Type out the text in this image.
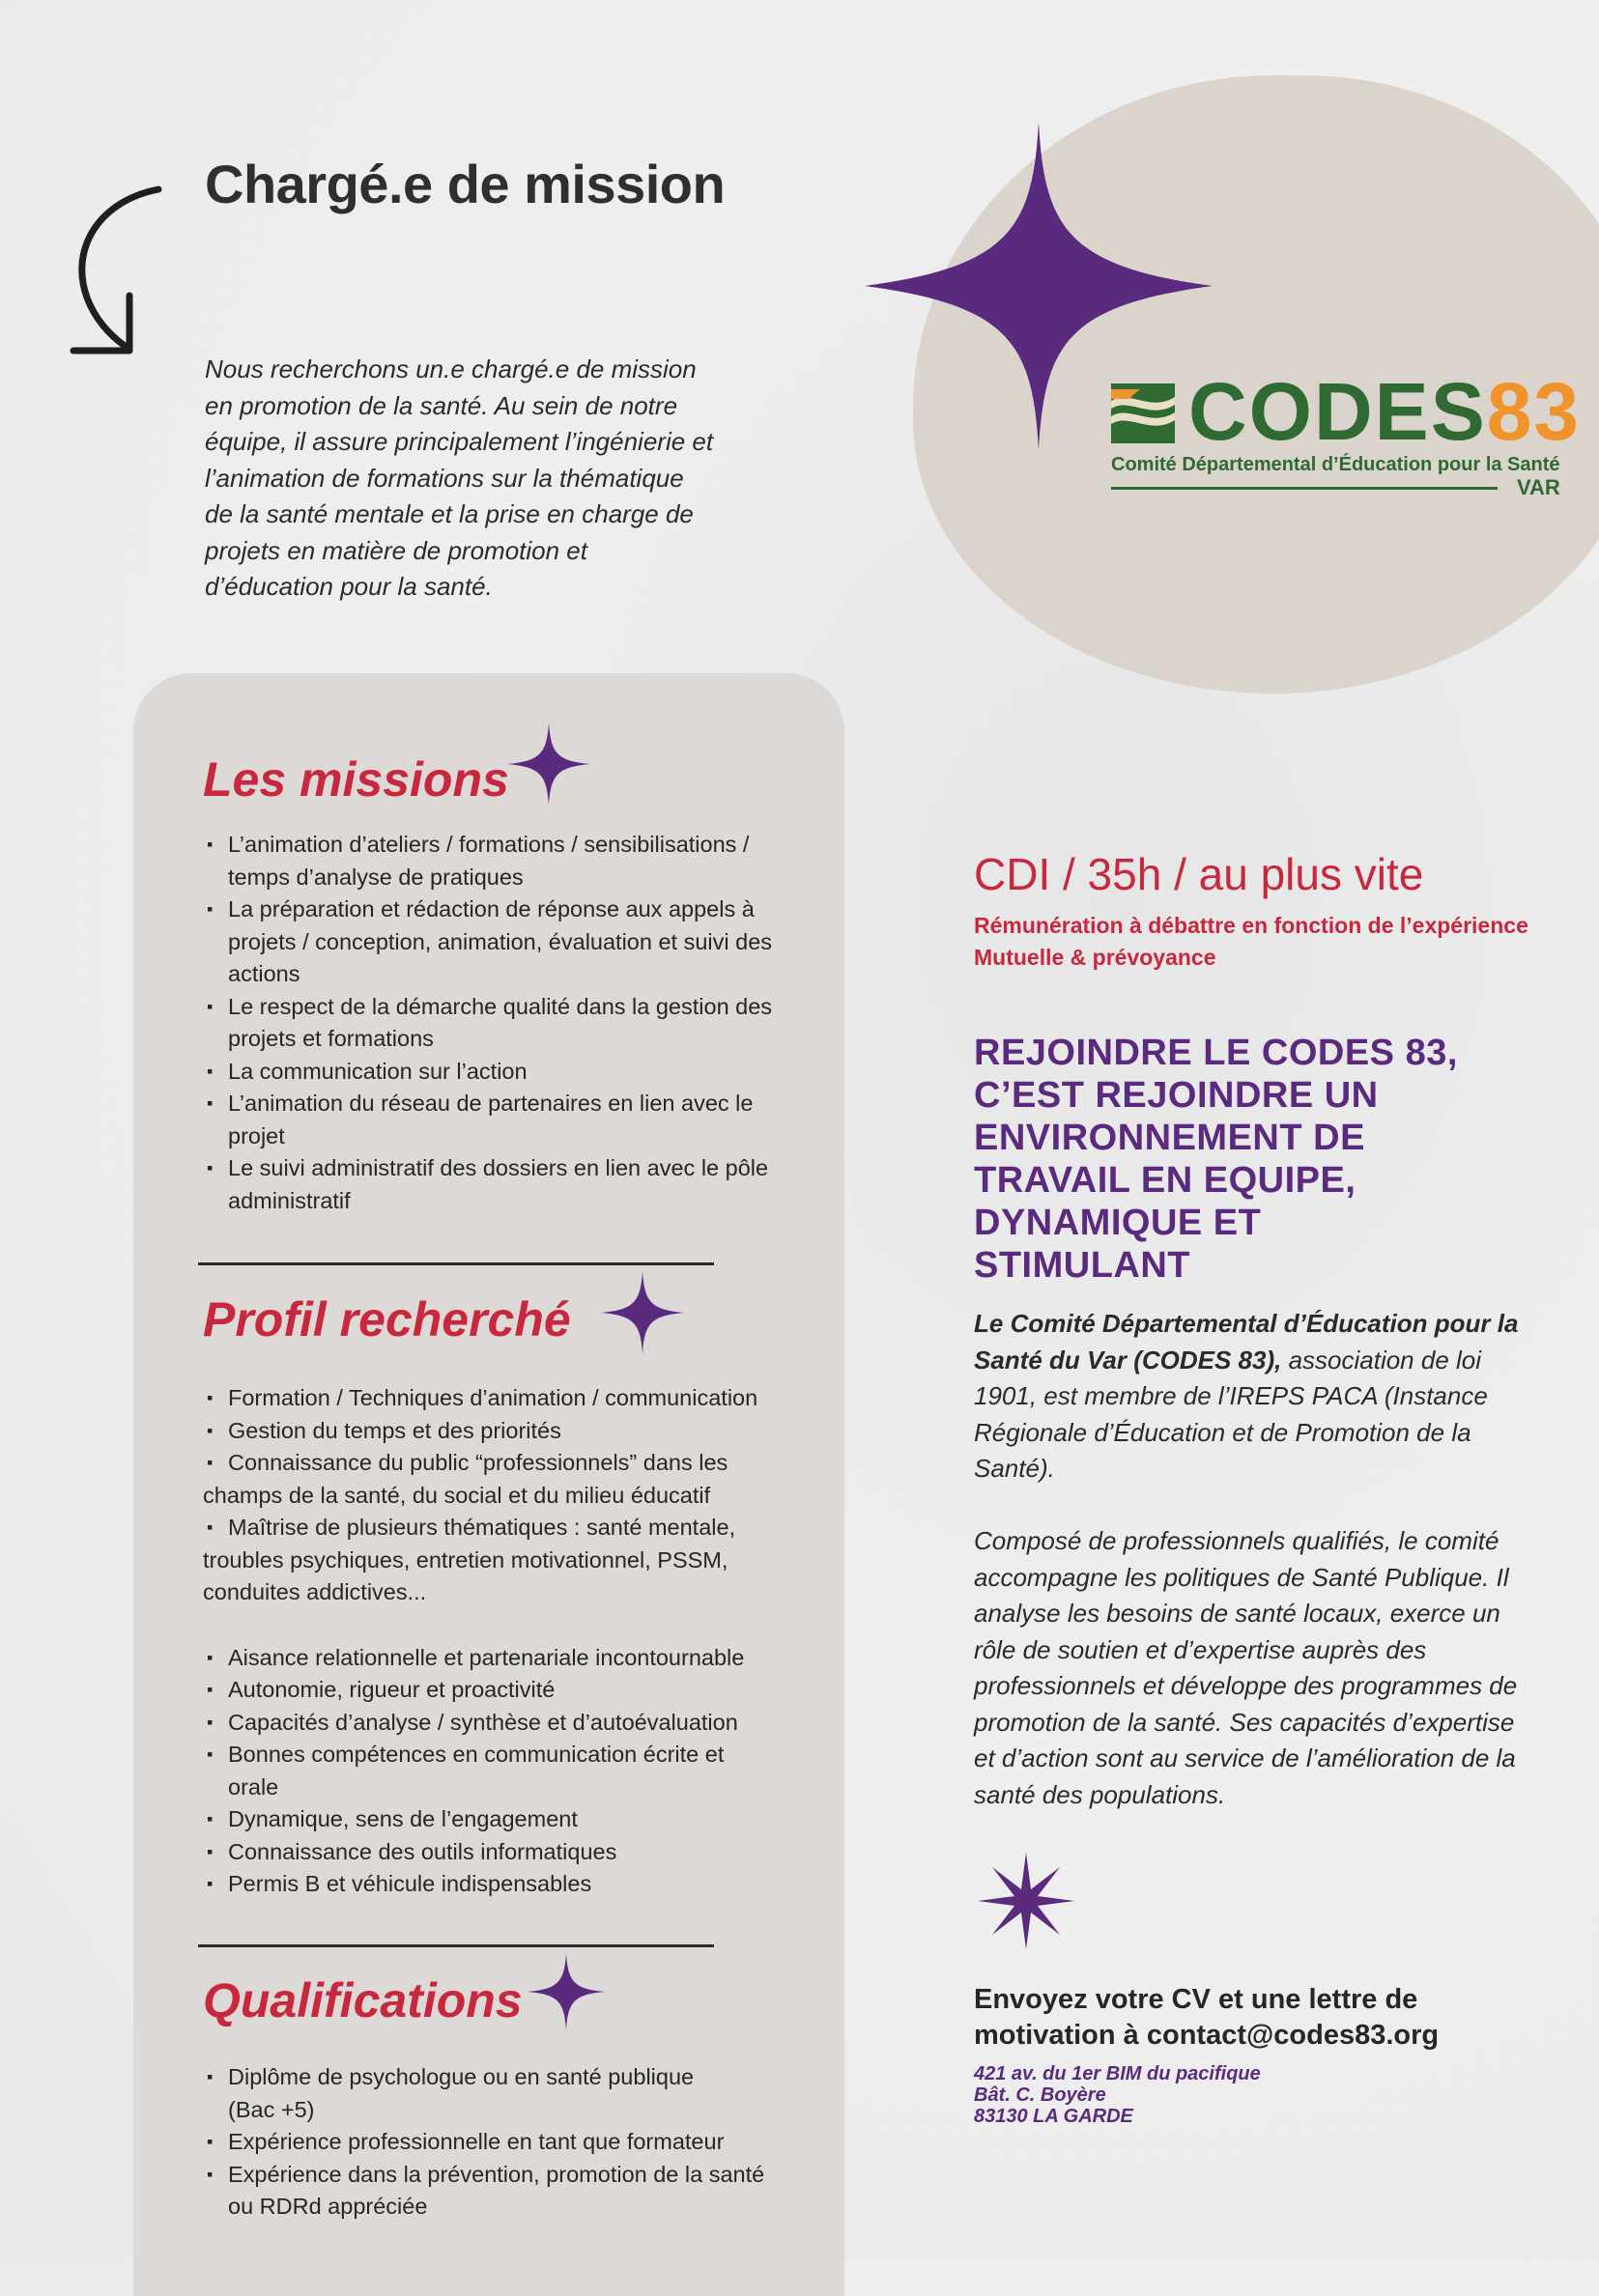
Chargé.e de mission
Nous recherchons un.e chargé.e de mission
en promotion de la santé. Au sein de notre
équipe, il assure principalement l’ingénierie et
l’animation de formations sur la thématique
de la santé mentale et la prise en charge de
projets en matière de promotion et
d’éducation pour la santé.
CODES83
Comité Départemental d’Éducation pour la Santé
VAR
Les missions
▪ L’animation d’ateliers / formations / sensibilisations /
temps d’analyse de pratiques
▪ La préparation et rédaction de réponse aux appels à
projets / conception, animation, évaluation et suivi des
actions
▪ Le respect de la démarche qualité dans la gestion des
projets et formations
▪ La communication sur l’action
▪ L’animation du réseau de partenaires en lien avec le
projet
▪ Le suivi administratif des dossiers en lien avec le pôle
administratif
Profil recherché
▪ Formation / Techniques d’animation / communication
▪ Gestion du temps et des priorités
▪ Connaissance du public “professionnels” dans les
champs de la santé, du social et du milieu éducatif
▪ Maîtrise de plusieurs thématiques : santé mentale,
troubles psychiques, entretien motivationnel, PSSM,
conduites addictives...
▪ Aisance relationnelle et partenariale incontournable
▪ Autonomie, rigueur et proactivité
▪ Capacités d’analyse / synthèse et d’autoévaluation
▪ Bonnes compétences en communication écrite et
orale
▪ Dynamique, sens de l’engagement
▪ Connaissance des outils informatiques
▪ Permis B et véhicule indispensables
Qualifications
▪ Diplôme de psychologue ou en santé publique
(Bac +5)
▪ Expérience professionnelle en tant que formateur
▪ Expérience dans la prévention, promotion de la santé
ou RDRd appréciée
CDI / 35h / au plus vite
Rémunération à débattre en fonction de l’expérience
Mutuelle & prévoyance
REJOINDRE LE CODES 83,
C’EST REJOINDRE UN
ENVIRONNEMENT DE
TRAVAIL EN EQUIPE,
DYNAMIQUE ET
STIMULANT
Le Comité Départemental d’Éducation pour la
Santé du Var (CODES 83), association de loi
1901, est membre de l’IREPS PACA (Instance
Régionale d’Éducation et de Promotion de la
Santé).
Composé de professionnels qualifiés, le comité
accompagne les politiques de Santé Publique. Il
analyse les besoins de santé locaux, exerce un
rôle de soutien et d’expertise auprès des
professionnels et développe des programmes de
promotion de la santé. Ses capacités d’expertise
et d’action sont au service de l’amélioration de la
santé des populations.
Envoyez votre CV et une lettre de
motivation à contact@codes83.org
421 av. du 1er BIM du pacifique
Bât. C. Boyère
83130 LA GARDE
